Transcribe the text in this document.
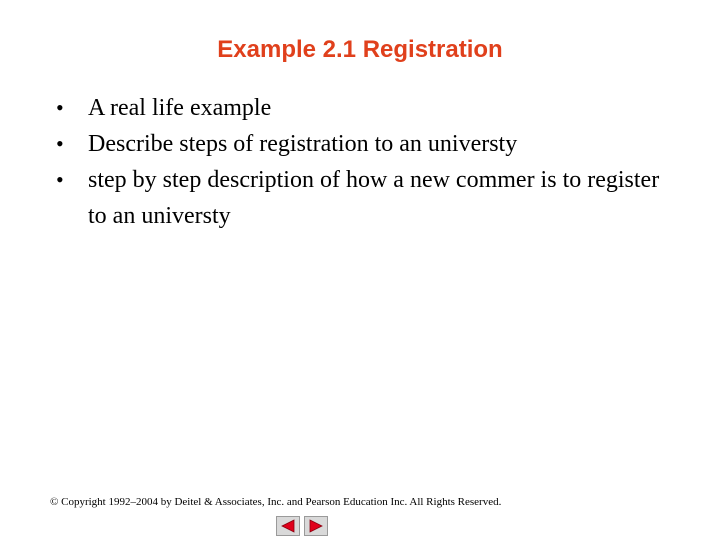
Example 2.1 Registration
•	A real life example
•	Describe steps of registration to an universty
•	step by step description of how a new commer is to register to an universty
© Copyright 1992–2004 by Deitel & Associates, Inc. and Pearson Education Inc. All Rights Reserved.
